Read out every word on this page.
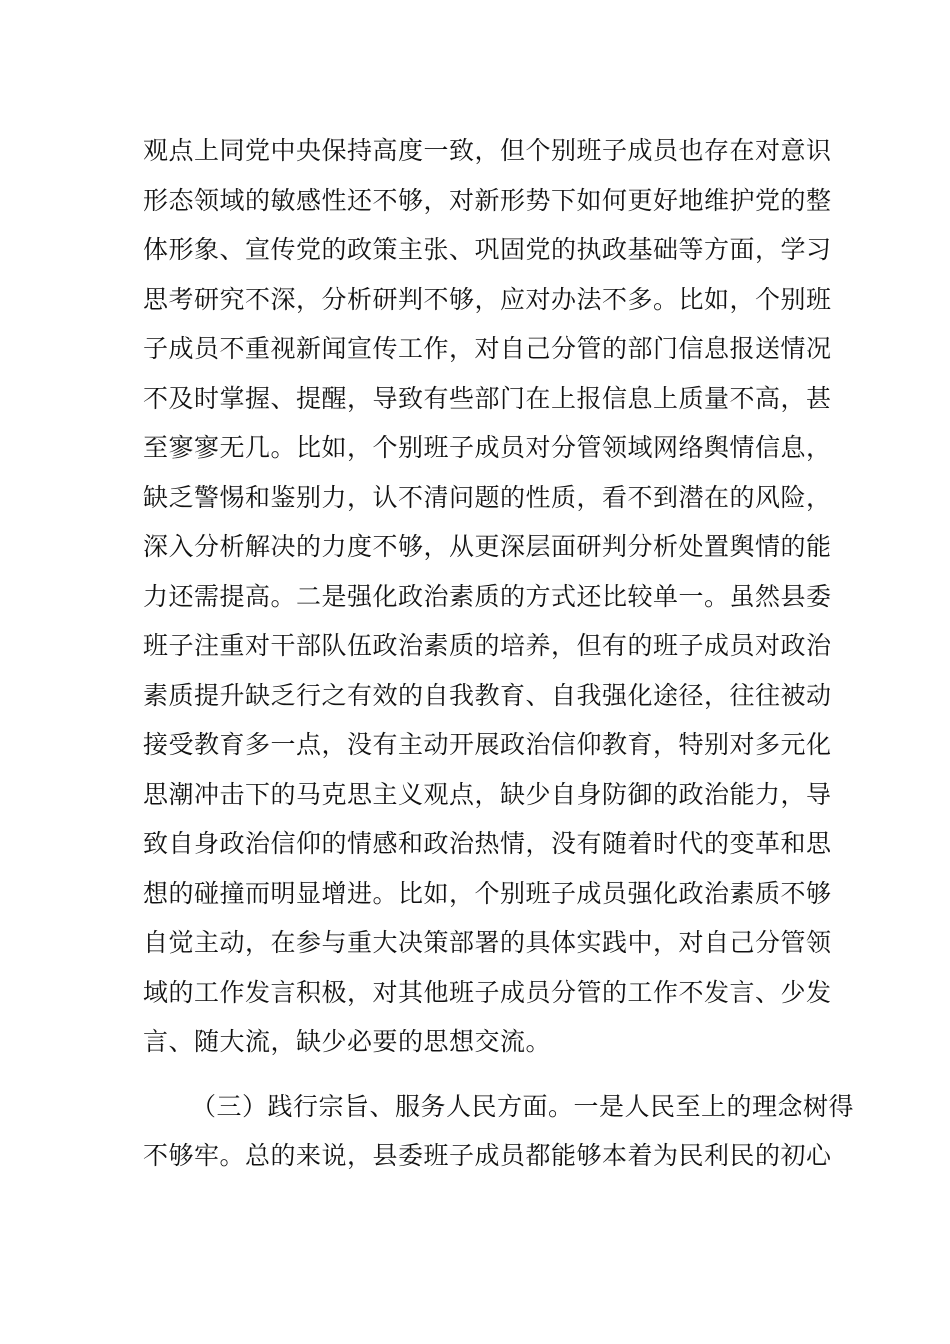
观点上同党中央保持高度一致，但个别班子成员也存在对意识
形态领域的敏感性还不够，对新形势下如何更好地维护党的整
体形象、宣传党的政策主张、巩固党的执政基础等方面，学习
思考研究不深，分析研判不够，应对办法不多。比如，个别班
子成员不重视新闻宣传工作，对自己分管的部门信息报送情况
不及时掌握、提醒，导致有些部门在上报信息上质量不高，甚
至寥寥无几。比如，个别班子成员对分管领域网络舆情信息，
缺乏警惕和鉴别力，认不清问题的性质，看不到潜在的风险，
深入分析解决的力度不够，从更深层面研判分析处置舆情的能
力还需提高。二是强化政治素质的方式还比较单一。虽然县委
班子注重对干部队伍政治素质的培养，但有的班子成员对政治
素质提升缺乏行之有效的自我教育、自我强化途径，往往被动
接受教育多一点，没有主动开展政治信仰教育，特别对多元化
思潮冲击下的马克思主义观点，缺少自身防御的政治能力，导
致自身政治信仰的情感和政治热情，没有随着时代的变革和思
想的碰撞而明显增进。比如，个别班子成员强化政治素质不够
自觉主动，在参与重大决策部署的具体实践中，对自己分管领
域的工作发言积极，对其他班子成员分管的工作不发言、少发
言、随大流，缺少必要的思想交流。
（三）践行宗旨、服务人民方面。一是人民至上的理念树得
不够牢。总的来说，县委班子成员都能够本着为民利民的初心
